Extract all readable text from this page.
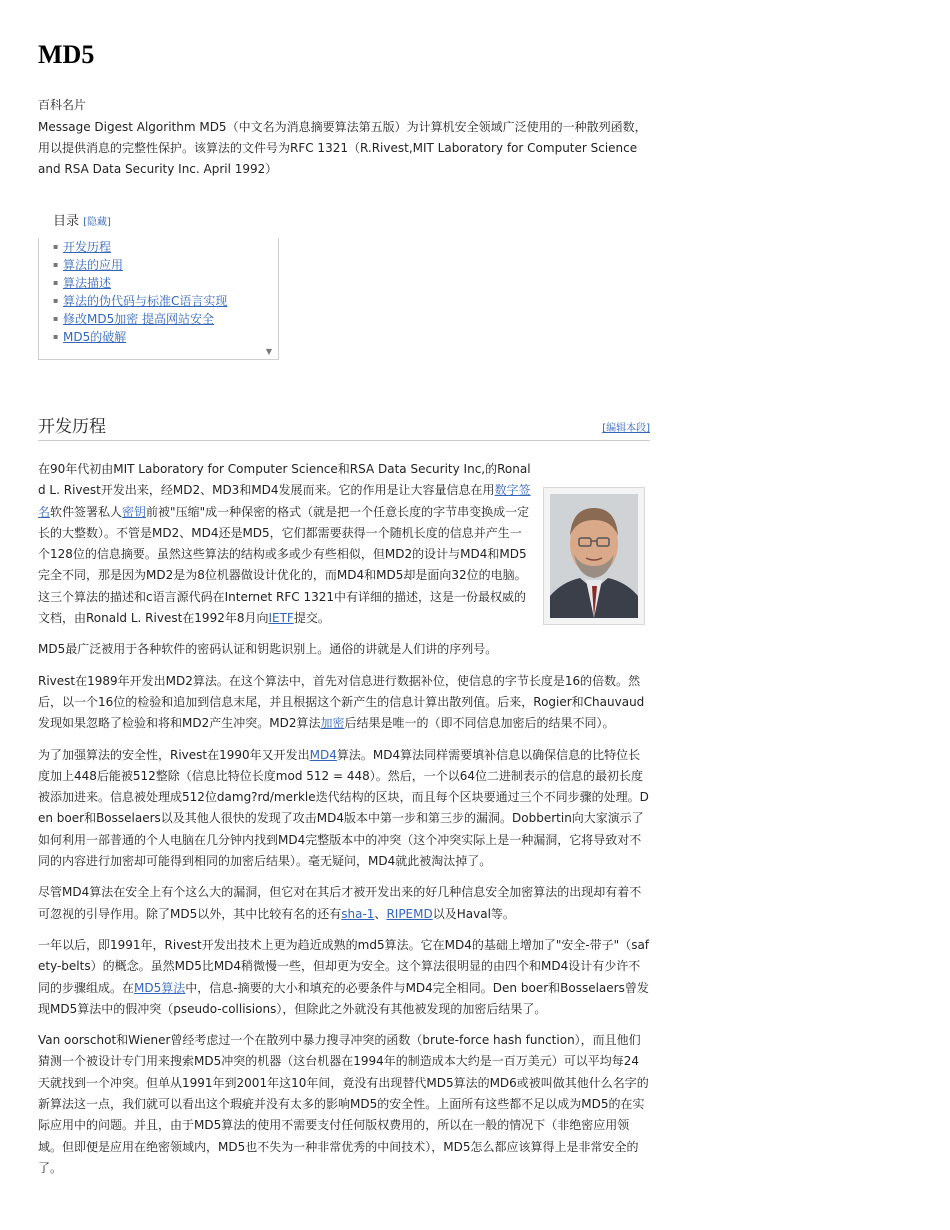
MD5
百科名片

Message Digest Algorithm MD5（中文名为消息摘要算法第五版）为计算机安全领域广泛使用的一种散列函数，用以提供消息的完整性保护。该算法的文件号为RFC 1321（R.Rivest,MIT Laboratory for Computer Science and RSA Data Security Inc. April 1992）

目录 [隐藏]
▪ 开发历程
▪ 算法的应用
▪ 算法描述
▪ 算法的伪代码与标准C语言实现
▪ 修改MD5加密 提高网站安全
▪ MD5的破解
▼
开发历程	[编辑本段]

在90年代初由MIT Laboratory for Computer Science和RSA Data Security Inc,的Ronald L. Rivest开发出来，经MD2、MD3和MD4发展而来。它的作用是让大容量信息在用数字签名软件签署私人密钥前被"压缩"成一种保密的格式（就是把一个任意长度的字节串变换成一定长的大整数）。不管是MD2、MD4还是MD5，它们都需要获得一个随机长度的信息并产生一个128位的信息摘要。虽然这些算法的结构或多或少有些相似，但MD2的设计与MD4和MD5完全不同，那是因为MD2是为8位机器做设计优化的，而MD4和MD5却是面向32位的电脑。这三个算法的描述和c语言源代码在Internet RFC 1321中有详细的描述，这是一份最权威的文档，由Ronald L. Rivest在1992年8月向IETF提交。

MD5最广泛被用于各种软件的密码认证和钥匙识别上。通俗的讲就是人们讲的序列号。

Rivest在1989年开发出MD2算法。在这个算法中，首先对信息进行数据补位，使信息的字节长度是16的倍数。然后，以一个16位的检验和追加到信息末尾，并且根据这个新产生的信息计算出散列值。后来，Rogier和Chauvaud发现如果忽略了检验和将和MD2产生冲突。MD2算法加密后结果是唯一的（即不同信息加密后的结果不同）。

为了加强算法的安全性，Rivest在1990年又开发出MD4算法。MD4算法同样需要填补信息以确保信息的比特位长度加上448后能被512整除（信息比特位长度mod 512 = 448）。然后，一个以64位二进制表示的信息的最初长度被添加进来。信息被处理成512位damg?rd/merkle迭代结构的区块，而且每个区块要通过三个不同步骤的处理。Den boer和Bosselaers以及其他人很快的发现了攻击MD4版本中第一步和第三步的漏洞。Dobbertin向大家演示了如何利用一部普通的个人电脑在几分钟内找到MD4完整版本中的冲突（这个冲突实际上是一种漏洞，它将导致对不同的内容进行加密却可能得到相同的加密后结果）。毫无疑问，MD4就此被淘汰掉了。

尽管MD4算法在安全上有个这么大的漏洞，但它对在其后才被开发出来的好几种信息安全加密算法的出现却有着不可忽视的引导作用。除了MD5以外，其中比较有名的还有sha-1、RIPEMD以及Haval等。

一年以后，即1991年，Rivest开发出技术上更为趋近成熟的md5算法。它在MD4的基础上增加了"安全-带子"（safety-belts）的概念。虽然MD5比MD4稍微慢一些，但却更为安全。这个算法很明显的由四个和MD4设计有少许不同的步骤组成。在MD5算法中，信息-摘要的大小和填充的必要条件与MD4完全相同。Den boer和Bosselaers曾发现MD5算法中的假冲突（pseudo-collisions），但除此之外就没有其他被发现的加密后结果了。

Van oorschot和Wiener曾经考虑过一个在散列中暴力搜寻冲突的函数（brute-force hash function），而且他们猜测一个被设计专门用来搜索MD5冲突的机器（这台机器在1994年的制造成本大约是一百万美元）可以平均每24天就找到一个冲突。但单从1991年到2001年这10年间，竟没有出现替代MD5算法的MD6或被叫做其他什么名字的新算法这一点，我们就可以看出这个瑕疵并没有太多的影响MD5的安全性。上面所有这些都不足以成为MD5的在实际应用中的问题。并且，由于MD5算法的使用不需要支付任何版权费用的，所以在一般的情况下（非绝密应用领域。但即便是应用在绝密领域内，MD5也不失为一种非常优秀的中间技术），MD5怎么都应该算得上是非常安全的了。
